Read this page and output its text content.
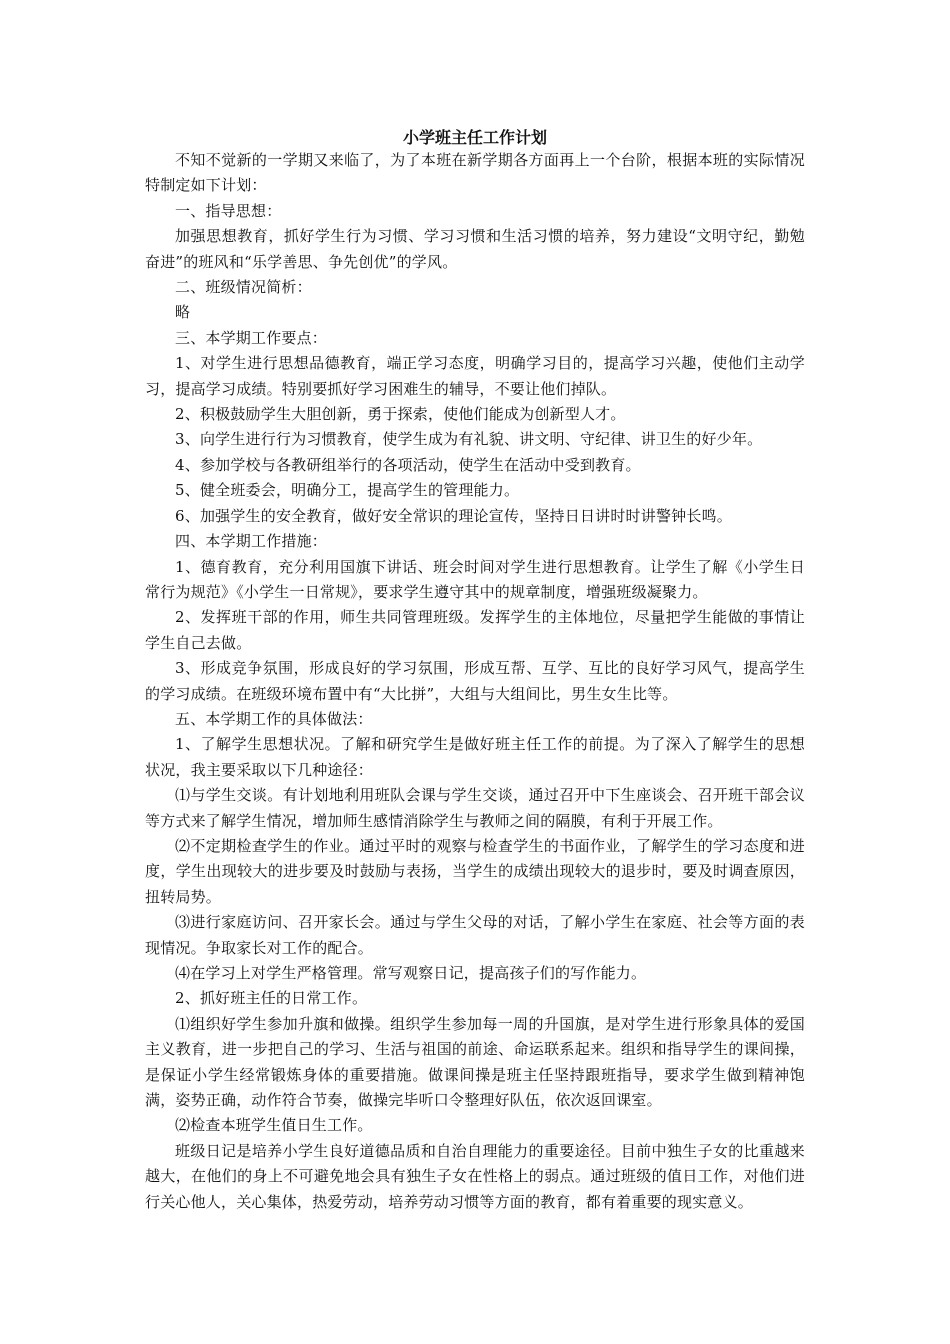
小学班主任工作计划

不知不觉新的一学期又来临了，为了本班在新学期各方面再上一个台阶，根据本班的实际情况特制定如下计划：

一、指导思想：

加强思想教育，抓好学生行为习惯、学习习惯和生活习惯的培养，努力建设“文明守纪，勤勉奋进”的班风和“乐学善思、争先创优”的学风。

二、班级情况简析：

略

三、本学期工作要点：

1、对学生进行思想品德教育，端正学习态度，明确学习目的，提高学习兴趣，使他们主动学习，提高学习成绩。特别要抓好学习困难生的辅导，不要让他们掉队。

2、积极鼓励学生大胆创新，勇于探索，使他们能成为创新型人才。

3、向学生进行行为习惯教育，使学生成为有礼貌、讲文明、守纪律、讲卫生的好少年。

4、参加学校与各教研组举行的各项活动，使学生在活动中受到教育。

5、健全班委会，明确分工，提高学生的管理能力。

6、加强学生的安全教育，做好安全常识的理论宣传，坚持日日讲时时讲警钟长鸣。

四、本学期工作措施：

1、德育教育，充分利用国旗下讲话、班会时间对学生进行思想教育。让学生了解《小学生日常行为规范》《小学生一日常规》，要求学生遵守其中的规章制度，增强班级凝聚力。

2、发挥班干部的作用，师生共同管理班级。发挥学生的主体地位，尽量把学生能做的事情让学生自己去做。

3、形成竞争氛围，形成良好的学习氛围，形成互帮、互学、互比的良好学习风气，提高学生的学习成绩。在班级环境布置中有“大比拼”，大组与大组间比，男生女生比等。

五、本学期工作的具体做法：

1、了解学生思想状况。了解和研究学生是做好班主任工作的前提。为了深入了解学生的思想状况，我主要采取以下几种途径：

⑴与学生交谈。有计划地利用班队会课与学生交谈，通过召开中下生座谈会、召开班干部会议等方式来了解学生情况，增加师生感情消除学生与教师之间的隔膜，有利于开展工作。

⑵不定期检查学生的作业。通过平时的观察与检查学生的书面作业，了解学生的学习态度和进度，学生出现较大的进步要及时鼓励与表扬，当学生的成绩出现较大的退步时，要及时调查原因，扭转局势。

⑶进行家庭访问、召开家长会。通过与学生父母的对话，了解小学生在家庭、社会等方面的表现情况。争取家长对工作的配合。

⑷在学习上对学生严格管理。常写观察日记，提高孩子们的写作能力。

2、抓好班主任的日常工作。

⑴组织好学生参加升旗和做操。组织学生参加每一周的升国旗，是对学生进行形象具体的爱国主义教育，进一步把自己的学习、生活与祖国的前途、命运联系起来。组织和指导学生的课间操，是保证小学生经常锻炼身体的重要措施。做课间操是班主任坚持跟班指导，要求学生做到精神饱满，姿势正确，动作符合节奏，做操完毕听口令整理好队伍，依次返回课室。

⑵检查本班学生值日生工作。

班级日记是培养小学生良好道德品质和自治自理能力的重要途径。目前中独生子女的比重越来越大，在他们的身上不可避免地会具有独生子女在性格上的弱点。通过班级的值日工作，对他们进行关心他人，关心集体，热爱劳动，培养劳动习惯等方面的教育，都有着重要的现实意义。
